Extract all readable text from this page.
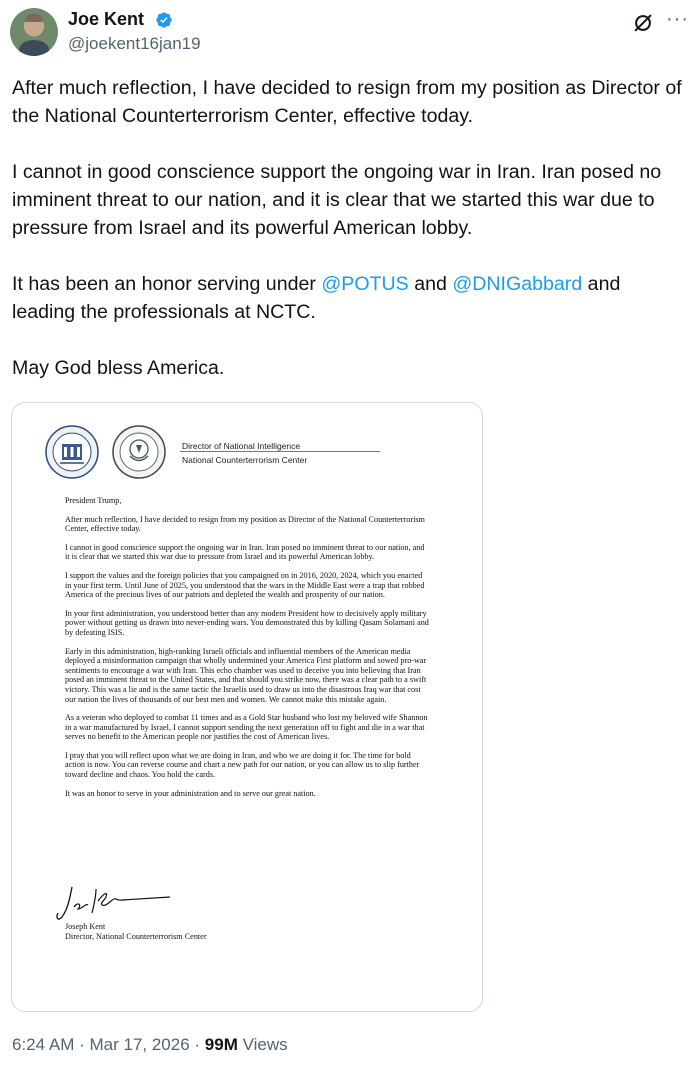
Joe Kent
@joekent16jan19
···

After much reflection, I have decided to resign from my position as Director of the National Counterterrorism Center, effective today.

I cannot in good conscience support the ongoing war in Iran. Iran posed no imminent threat to our nation, and it is clear that we started this war due to pressure from Israel and its powerful American lobby.

It has been an honor serving under @POTUS and @DNIGabbard and leading the professionals at NCTC.

May God bless America.

Director of National Intelligence
National Counterterrorism Center

President Trump,

After much reflection, I have decided to resign from my position as Director of the National Counterterrorism Center, effective today.

I cannot in good conscience support the ongoing war in Iran. Iran posed no imminent threat to our nation, and it is clear that we started this war due to pressure from Israel and its powerful American lobby.

I support the values and the foreign policies that you campaigned on in 2016, 2020, 2024, which you enacted in your first term. Until June of 2025, you understood that the wars in the Middle East were a trap that robbed America of the precious lives of our patriots and depleted the wealth and prosperity of our nation.

In your first administration, you understood better than any modern President how to decisively apply military power without getting us drawn into never-ending wars. You demonstrated this by killing Qasam Solamani and by defeating ISIS.

Early in this administration, high-ranking Israeli officials and influential members of the American media deployed a misinformation campaign that wholly undermined your America First platform and sowed pro-war sentiments to encourage a war with Iran. This echo chamber was used to deceive you into believing that Iran posed an imminent threat to the United States, and that should you strike now, there was a clear path to a swift victory. This was a lie and is the same tactic the Israelis used to draw us into the disastrous Iraq war that cost our nation the lives of thousands of our best men and women. We cannot make this mistake again.

As a veteran who deployed to combat 11 times and as a Gold Star husband who lost my beloved wife Shannon in a war manufactured by Israel, I cannot support sending the next generation off to fight and die in a war that serves no benefit to the American people nor justifies the cost of American lives.

I pray that you will reflect upon what we are doing in Iran, and who we are doing it for. The time for bold action is now. You can reverse course and chart a new path for our nation, or you can allow us to slip further toward decline and chaos. You hold the cards.

It was an honor to serve in your administration and to serve our great nation.

Joseph Kent
Director, National Counterterrorism Center
6:24 AM · Mar 17, 2026 · 99M Views
